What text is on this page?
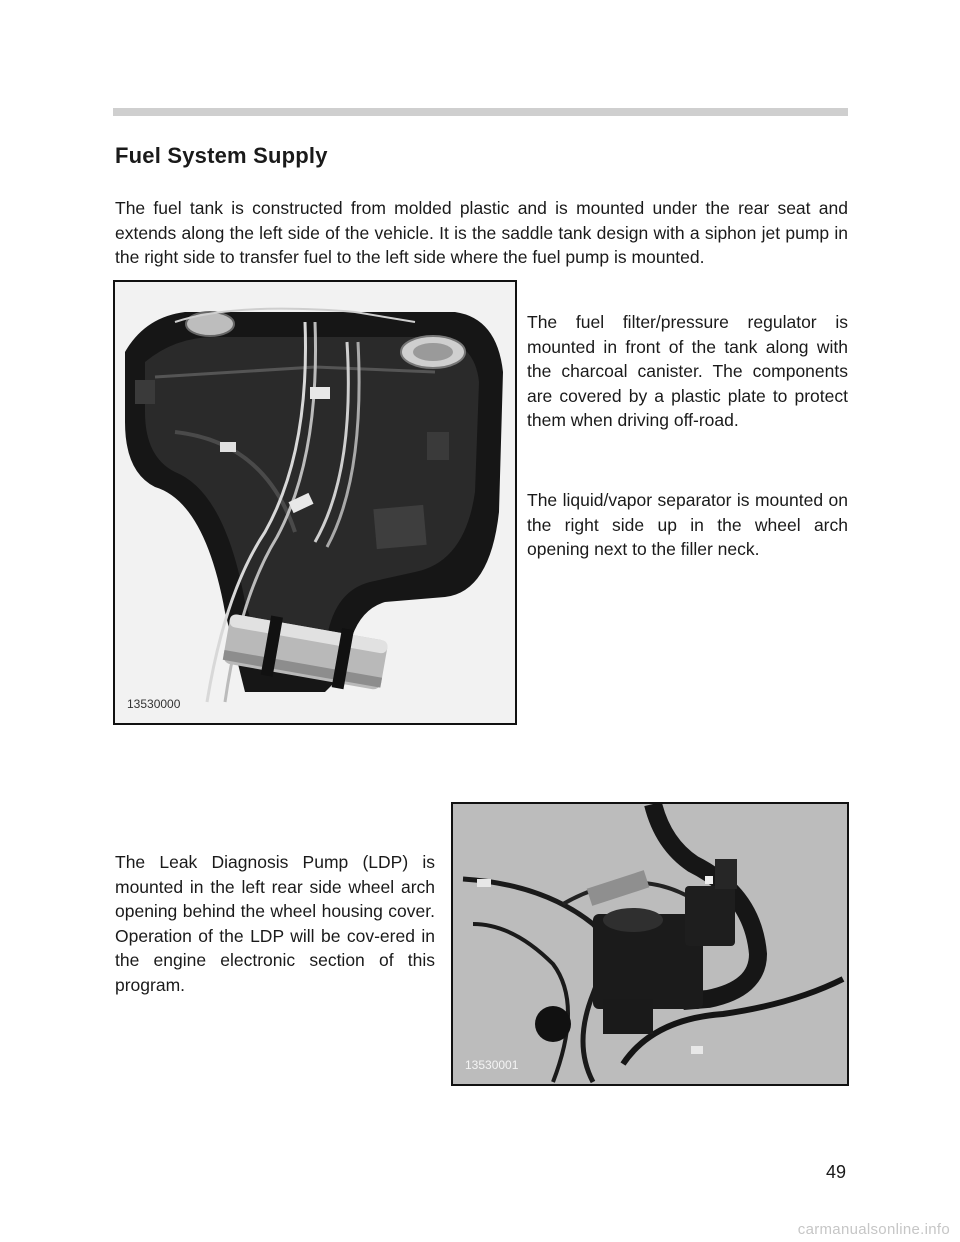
Fuel System Supply

The fuel tank is constructed from molded plastic and is mounted under the rear seat and extends along the left side of the vehicle. It is the saddle tank design with a siphon jet pump in the right side to transfer fuel to the left side where the fuel pump is mounted.

13530000

The fuel filter/pressure regulator is mounted in front of the tank along with the charcoal canister. The components are covered by a plastic plate to protect them when driving off-road.

The liquid/vapor separator is mounted on the right side up in the wheel arch opening next to the filler neck.

The Leak Diagnosis Pump (LDP) is mounted in the left rear side wheel arch opening behind the wheel housing cover. Operation of the LDP will be cov-ered in the engine electronic section of this program.

13530001
49
carmanualsonline.info
